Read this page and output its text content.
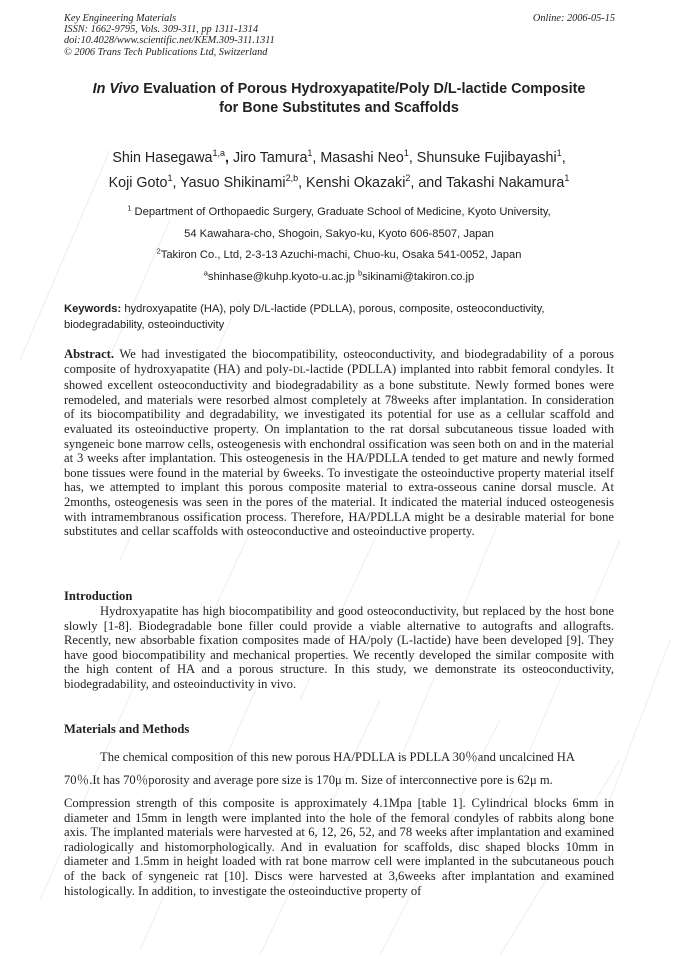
Key Engineering Materials
ISSN: 1662-9795, Vols. 309-311, pp 1311-1314
doi:10.4028/www.scientific.net/KEM.309-311.1311
© 2006 Trans Tech Publications Ltd, Switzerland
Online: 2006-05-15
In Vivo Evaluation of Porous Hydroxyapatite/Poly D/L-lactide Composite
for Bone Substitutes and Scaffolds
Shin Hasegawa$^{1,a}$, Jiro Tamura$^1$, Masashi Neo$^1$, Shunsuke Fujibayashi$^1$,
Koji Goto$^1$, Yasuo Shikinami$^{2,b}$, Kenshi Okazaki$^2$, and Takashi Nakamura$^1$
$^1$ Department of Orthopaedic Surgery, Graduate School of Medicine, Kyoto University,
54 Kawahara-cho, Shogoin, Sakyo-ku, Kyoto 606-8507, Japan
$^2$Takiron Co., Ltd, 2-3-13 Azuchi-machi, Chuo-ku, Osaka 541-0052, Japan
$^a$shinhase@kuhp.kyoto-u.ac.jp $^b$sikinami@takiron.co.jp
Keywords: hydroxyapatite (HA), poly D/L-lactide (PDLLA), porous, composite, osteoconductivity, biodegradability, osteoinductivity
Abstract. We had investigated the biocompatibility, osteoconductivity, and biodegradability of a porous composite of hydroxyapatite (HA) and poly-DL-lactide (PDLLA) implanted into rabbit femoral condyles. It showed excellent osteoconductivity and biodegradability as a bone substitute. Newly formed bones were remodeled, and materials were resorbed almost completely at 78weeks after implantation. In consideration of its biocompatibility and degradability, we investigated its potential for use as a cellular scaffold and evaluated its osteoinductive property. On implantation to the rat dorsal subcutaneous tissue loaded with syngeneic bone marrow cells, osteogenesis with enchondral ossification was seen both on and in the material at 3 weeks after implantation. This osteogenesis in the HA/PDLLA tended to get mature and newly formed bone tissues were found in the material by 6weeks. To investigate the osteoinductive property material itself has, we attempted to implant this porous composite material to extra-osseous canine dorsal muscle. At 2months, osteogenesis was seen in the pores of the material. It indicated the material induced osteogenesis with intramembranous ossification process. Therefore, HA/PDLLA might be a desirable material for bone substitutes and cellar scaffolds with osteoconductive and osteoinductive property.
Introduction
Hydroxyapatite has high biocompatibility and good osteoconductivity, but replaced by the host bone slowly [1-8]. Biodegradable bone filler could provide a viable alternative to autografts and allografts. Recently, new absorbable fixation composites made of HA/poly (L-lactide) have been developed [9]. They have good biocompatibility and mechanical properties. We recently developed the similar composite with the high content of HA and a porous structure. In this study, we demonstrate its osteoconductivity, biodegradability, and osteoinductivity in vivo.
Materials and Methods
The chemical composition of this new porous HA/PDLLA is PDLLA 30％and uncalcined HA
70％.It has 70％porosity and average pore size is 170μ m. Size of interconnective pore is 62μ m.
Compression strength of this composite is approximately 4.1Mpa [table 1]. Cylindrical blocks 6mm in diameter and 15mm in length were implanted into the hole of the femoral condyles of rabbits along bone axis. The implanted materials were harvested at 6, 12, 26, 52, and 78 weeks after implantation and examined radiologically and histomorphologically. And in evaluation for scaffolds, disc shaped blocks 10mm in diameter and 1.5mm in height loaded with rat bone marrow cell were implanted in the subcutaneous pouch of the back of syngeneic rat [10]. Discs were harvested at 3,6weeks after implantation and examined histologically. In addition, to investigate the osteoinductive property of
